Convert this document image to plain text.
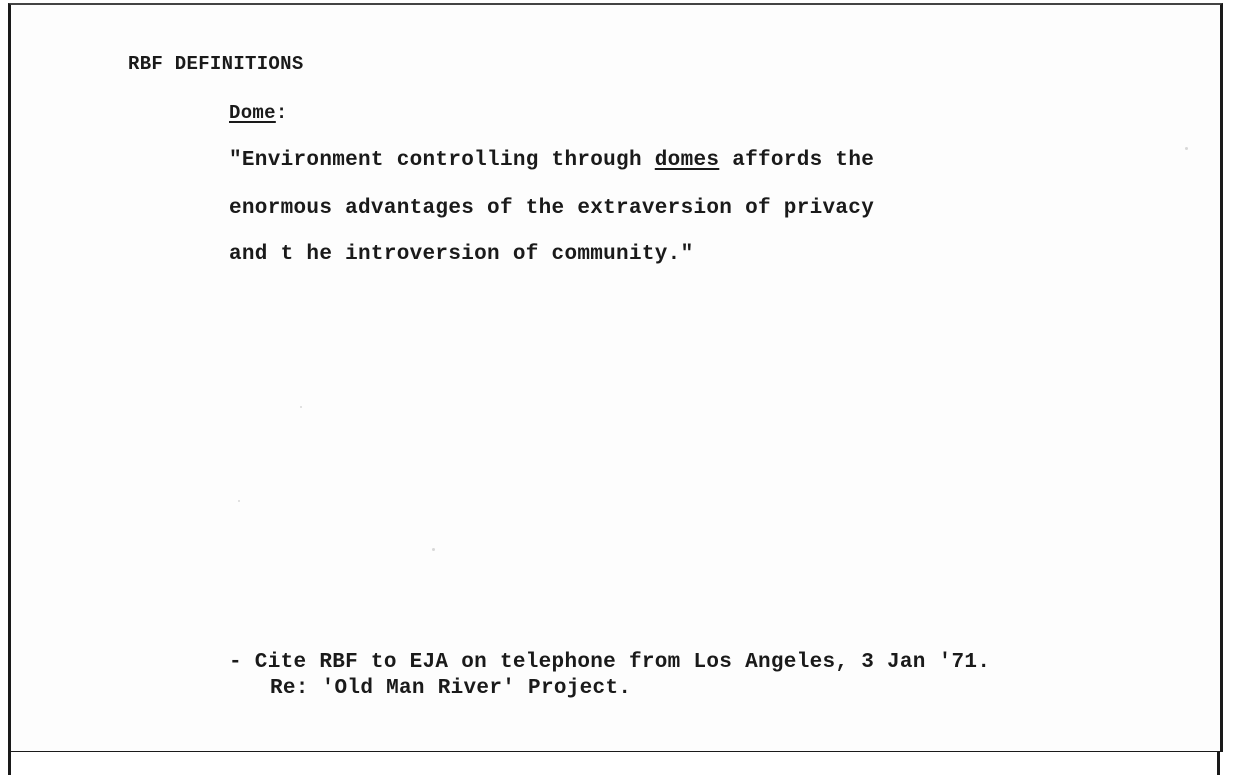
RBF DEFINITIONS

Dome:

"Environment controlling through domes affords the

enormous advantages of the extraversion of privacy

and t he introversion of community."

- Cite RBF to EJA on telephone from Los Angeles, 3 Jan '71.

Re: 'Old Man River' Project.
